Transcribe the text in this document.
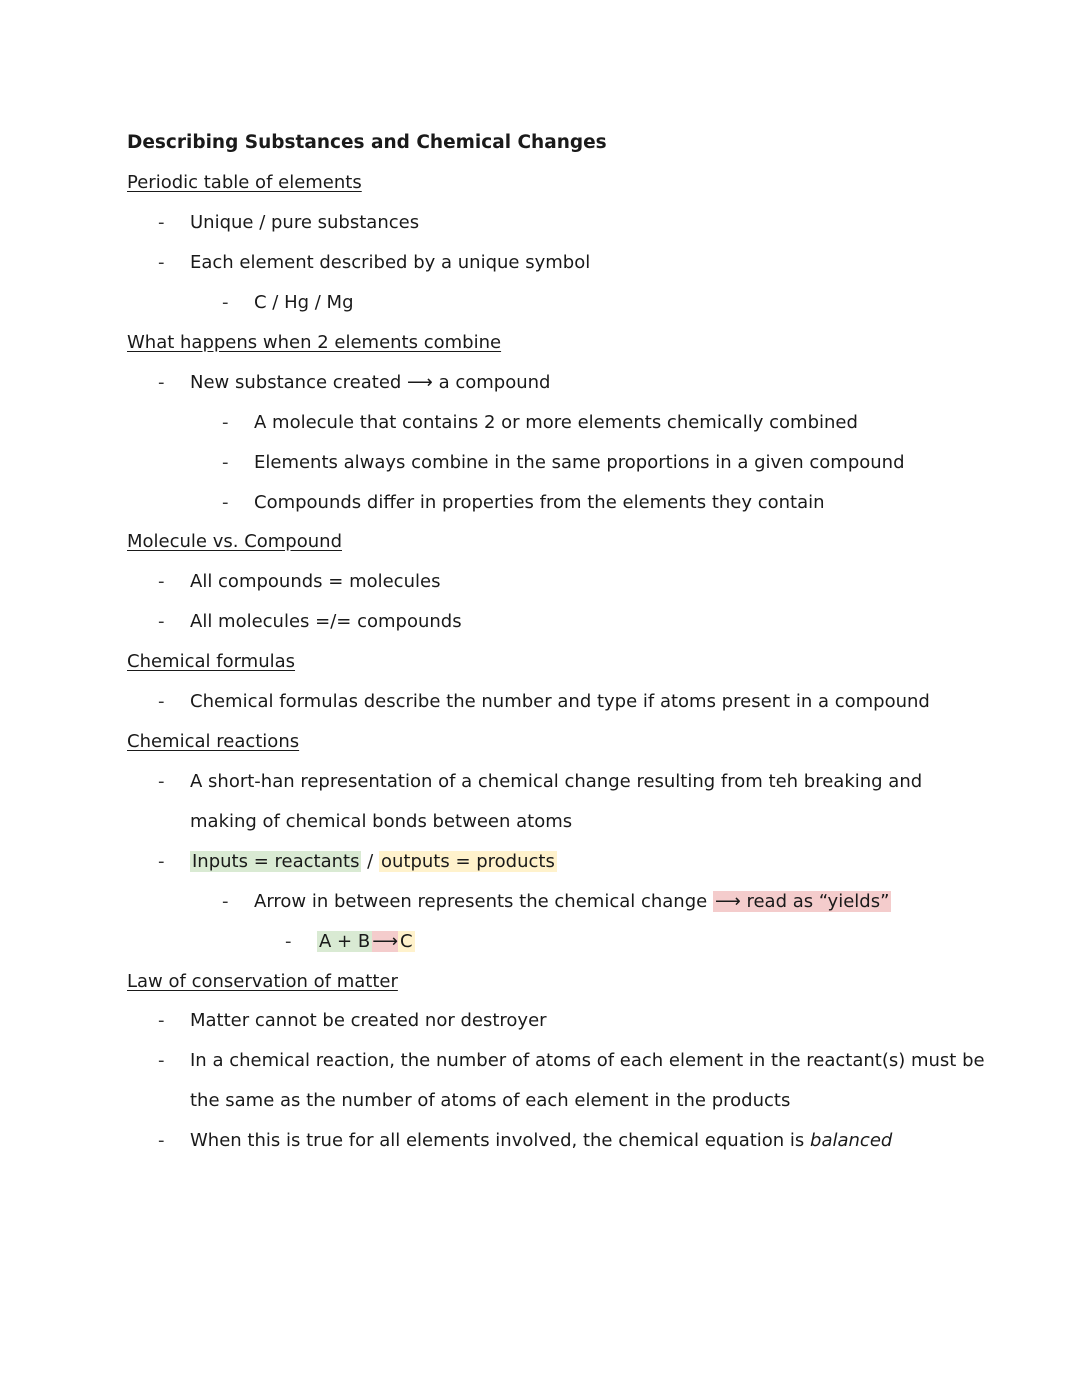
Describing Substances and Chemical Changes
Periodic table of elements
-	Unique / pure substances
-	Each element described by a unique symbol
-	C / Hg / Mg
What happens when 2 elements combine
-	New substance created ⟶ a compound
-	A molecule that contains 2 or more elements chemically combined
-	Elements always combine in the same proportions in a given compound
-	Compounds differ in properties from the elements they contain
Molecule vs. Compound
-	All compounds = molecules
-	All molecules =/= compounds
Chemical formulas
-	Chemical formulas describe the number and type if atoms present in a compound
Chemical reactions
-	A short-han representation of a chemical change resulting from teh breaking and
making of chemical bonds between atoms
-	Inputs = reactants / outputs = products
-	Arrow in between represents the chemical change ⟶ read as “yields”
-	A + B ⟶ C
Law of conservation of matter
-	Matter cannot be created nor destroyer
-	In a chemical reaction, the number of atoms of each element in the reactant(s) must be
the same as the number of atoms of each element in the products
-	When this is true for all elements involved, the chemical equation is balanced
